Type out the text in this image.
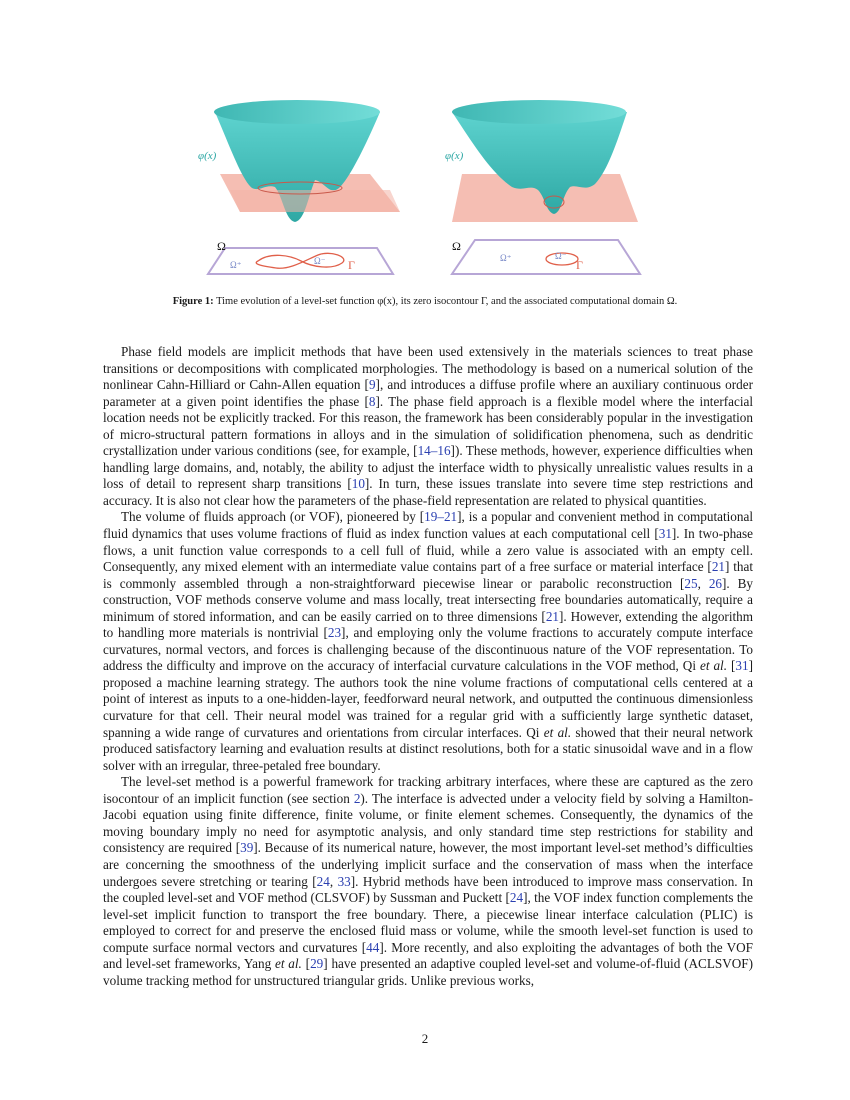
φ(x)	φ(x)
Ω	Ω
Ω⁺	Ω⁻ Γ	Ω⁺	Ω⁻
Γ
Figure 1: Time evolution of a level-set function φ(x), its zero isocontour Γ, and the associated computational domain Ω.

Phase field models are implicit methods that have been used extensively in the materials sciences to treat phase transitions or decompositions with complicated morphologies. The methodology is based on a numerical solution of the nonlinear Cahn-Hilliard or Cahn-Allen equation [9], and introduces a diffuse profile where an auxiliary continuous order parameter at a given point identifies the phase [8]. The phase field approach is a flexible model where the interfacial location needs not be explicitly tracked. For this reason, the framework has been considerably popular in the investigation of micro-structural pattern formations in alloys and in the simulation of solidification phenomena, such as dendritic crystallization under various conditions (see, for example, [14–16]). These methods, however, experience difficulties when handling large domains, and, notably, the ability to adjust the interface width to physically unrealistic values results in a loss of detail to represent sharp transitions [10]. In turn, these issues translate into severe time step restrictions and accuracy. It is also not clear how the parameters of the phase-field representation are related to physical quantities.

The volume of fluids approach (or VOF), pioneered by [19–21], is a popular and convenient method in computational fluid dynamics that uses volume fractions of fluid as index function values at each computational cell [31]. In two-phase flows, a unit function value corresponds to a cell full of fluid, while a zero value is associated with an empty cell. Consequently, any mixed element with an intermediate value contains part of a free surface or material interface [21] that is commonly assembled through a non-straightforward piecewise linear or parabolic reconstruction [25, 26]. By construction, VOF methods conserve volume and mass locally, treat intersecting free boundaries automatically, require a minimum of stored information, and can be easily carried on to three dimensions [21]. However, extending the algorithm to handling more materials is nontrivial [23], and employing only the volume fractions to accurately compute interface curvatures, normal vectors, and forces is challenging because of the discontinuous nature of the VOF representation. To address the difficulty and improve on the accuracy of interfacial curvature calculations in the VOF method, Qi et al. [31] proposed a machine learning strategy. The authors took the nine volume fractions of computational cells centered at a point of interest as inputs to a one-hidden-layer, feedforward neural network, and outputted the continuous dimensionless curvature for that cell. Their neural model was trained for a regular grid with a sufficiently large synthetic dataset, spanning a wide range of curvatures and orientations from circular interfaces. Qi et al. showed that their neural network produced satisfactory learning and evaluation results at distinct resolutions, both for a static sinusoidal wave and in a flow solver with an irregular, three-petaled free boundary.

The level-set method is a powerful framework for tracking arbitrary interfaces, where these are captured as the zero isocontour of an implicit function (see section 2). The interface is advected under a velocity field by solving a Hamilton-Jacobi equation using finite difference, finite volume, or finite element schemes. Consequently, the dynamics of the moving boundary imply no need for asymptotic analysis, and only standard time step restrictions for stability and consistency are required [39]. Because of its numerical nature, however, the most important level-set method’s difficulties are concerning the smoothness of the underlying implicit surface and the conservation of mass when the interface undergoes severe stretching or tearing [24, 33]. Hybrid methods have been introduced to improve mass conservation. In the coupled level-set and VOF method (CLSVOF) by Sussman and Puckett [24], the VOF index function complements the level-set implicit function to transport the free boundary. There, a piecewise linear interface calculation (PLIC) is employed to correct for and preserve the enclosed fluid mass or volume, while the smooth level-set function is used to compute surface normal vectors and curvatures [44]. More recently, and also exploiting the advantages of both the VOF and level-set frameworks, Yang et al. [29] have presented an adaptive coupled level-set and volume-of-fluid (ACLSVOF) volume tracking method for unstructured triangular grids. Unlike previous works,

2
